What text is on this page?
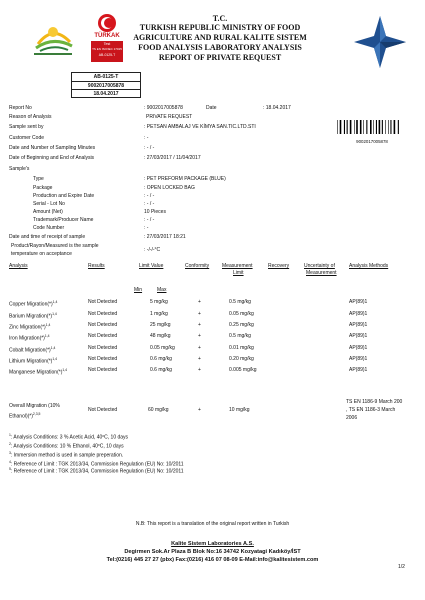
TÜRKAK
Test
TS EN ISO/IEC 17025
AB-0125-T
T.C.
TURKISH REPUBLIC MINISTRY OF FOOD
AGRICULTURE AND RURAL KALITE SISTEM
FOOD ANALYSIS LABORATORY ANALYSIS
REPORT OF PRIVATE REQUEST
AB-0125-T
9002017005878
18.04.2017
9002017005878
Report No	: 9002017005878	Date	: 18.04.2017
Reason of Analysis	PRIVATE REQUEST
Sample sent by	: PETSAN AMBALAJ VE KİMYA SAN.TIC.LTD.STI
Customer Code	: -
Date and Number of Sampling Minutes	: - / -
Date of Beginning and End of Analysis	: 27/03/2017 / 11/04/2017
Sample's
Type	: PET PREFORM PACKAGE (BLUE)
Package	: OPEN LOCKED BAG
Production and Expire Date	: - / -
Serial - Lot No	: - / -
Amount (Net)	10 Pieces
Trademark/Producer Name	: - / -
Code Number	: -
Date and time of receipt of sample	: 27/03/2017 18:21
Product/Rayon/Measured is the sample
temperature on acceptance
: -/-/-°C
Analysis	Results	Limit Value	Conformity	Measurement
Limit
Recovery	Uncertainty of
Measurement
Analysis Methods
Min	Max
Copper $Migration(*)^{1,4}$	Not Detected	5 mg/kg	+	0.5 mg/kg	AP(89)1
Barium $Migration(*)^{1,4}$	Not Detected	1 mg/kg	+	0.05 mg/kg	AP(89)1
Zinc $Migration(*)^{1,4}$	Not Detected	25 mg/kg	+	0.25 mg/kg	AP(89)1
Iron $Migration(*)^{1,4}$	Not Detected	48 mg/kg	+	0.5 mg/kg	AP(89)1
Cobalt $Migration(*)^{1,4}$	Not Detected	0.05 mg/kg	+	0.01 mg/kg	AP(89)1
Lithium $Migration(*)^{1,4}$	Not Detected	0.6 mg/kg	+	0.20 mg/kg	AP(89)1
Manganese $Migration(*)^{1,4}$	Not Detected	0.6 mg/kg	+	0.005 mg/kg	AP(89)1
Overall Migration (10%
$Ethanol)(*)^{2,3,5}$
Not Detected	60 mg/kg	+	10 mg/kg
TS EN 1186-9 March 200
, TS EN 1186-3 March
2006
$^1$: Analysis Conditions: 3 % Acetic Acid, 40ºC, 10 days
$^2$: Analysis Conditions: 10 % Ethanol, 40ºC, 10 days
$^3$: Immersion method is used in sample preperation.
$^4$: Reference of Limit : TGK 2013/34, Commission Regulation (EU) No: 10/2011
$^5$: Reference of Limit : TGK 2013/34, Commission Regulation (EU) No: 10/2011
N.B: This report is a translation of the original report written in Turkish
Kalite Sistem Laboratories A.S.
Degirmen Sok.Ar Plaza B Blok No:16 34742 Kozyatagi Kadıköy/İST
Tel:(0216) 445 27 27 (pbx) Fax:(0216) 416 07 08-09 E-Mail:info@kalitesistem.com
1/2
